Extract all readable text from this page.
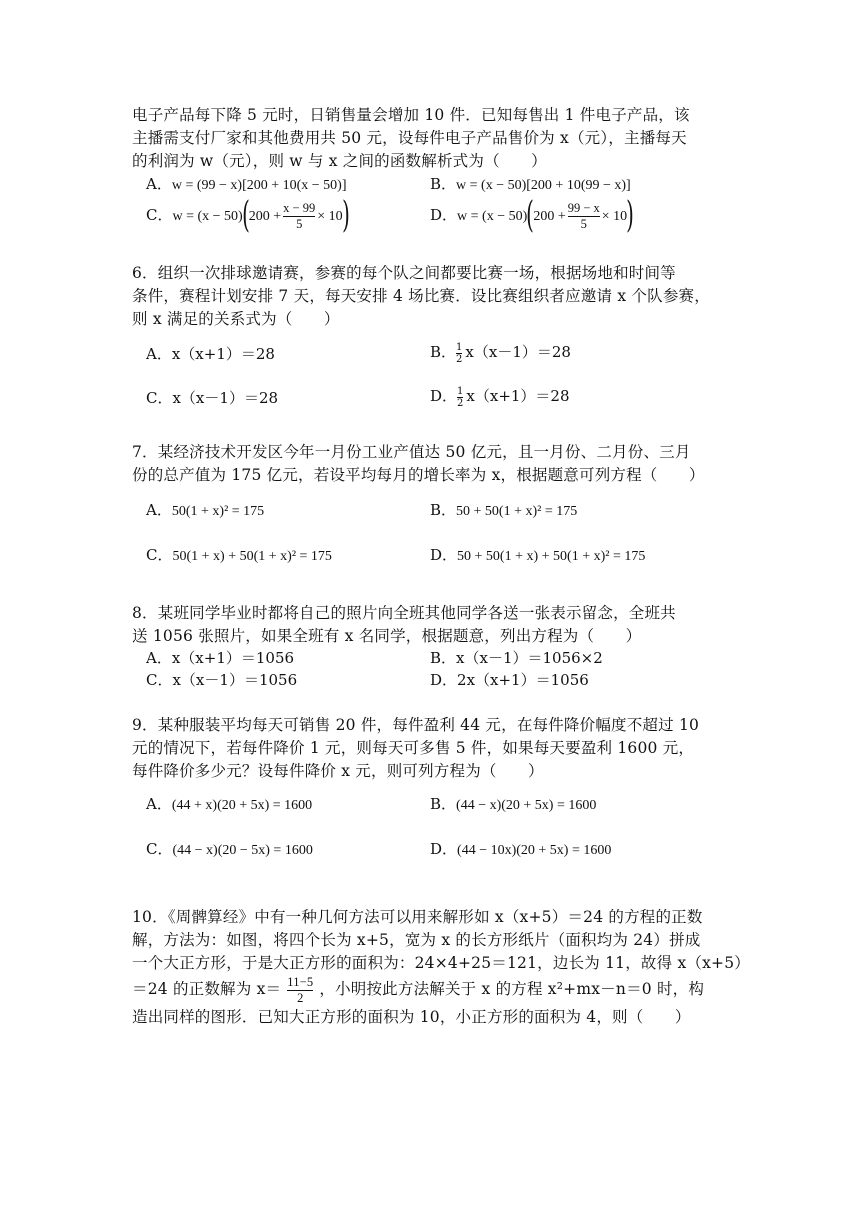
电子产品每下降 5 元时，日销售量会增加 10 件．已知每售出 1 件电子产品，该
主播需支付厂家和其他费用共 50 元，设每件电子产品售价为 x（元），主播每天
的利润为 w（元），则 w 与 x 之间的函数解析式为（　　）
A．w = (99 − x)[200 + 10(x − 50)]	B．w = (x − 50)[200 + 10(99 − x)]
C．$w = (x - 50)(200 + \frac{x - 99}{5} \times 10)$	D．$w = (x - 50)(200 + \frac{99 - x}{5} \times 10)$
6．组织一次排球邀请赛，参赛的每个队之间都要比赛一场，根据场地和时间等
条件，赛程计划安排 7 天，每天安排 4 场比赛．设比赛组织者应邀请 x 个队参赛，
则 x 满足的关系式为（　　）
A．x（x+1）＝28	B． $\frac{1}{2} x(x-1)=28$
C．x（x－1）＝28	D． $\frac{1}{2} x(x+1)=28$
7．某经济技术开发区今年一月份工业产值达 50 亿元，且一月份、二月份、三月
份的总产值为 175 亿元，若设平均每月的增长率为 x，根据题意可列方程（　　）
A．50(1 + x)² = 175	B．50 + 50(1 + x)² = 175
C．50(1 + x) + 50(1 + x)² = 175	D．50 + 50(1 + x) + 50(1 + x)² = 175
8．某班同学毕业时都将自己的照片向全班其他同学各送一张表示留念，全班共
送 1056 张照片，如果全班有 x 名同学，根据题意，列出方程为（　　）
A．x（x+1）＝1056	B．x（x－1）＝1056×2
C．x（x－1）＝1056	D．2x（x+1）＝1056
9．某种服装平均每天可销售 20 件，每件盈利 44 元，在每件降价幅度不超过 10
元的情况下，若每件降价 1 元，则每天可多售 5 件，如果每天要盈利 1600 元，
每件降价多少元？设每件降价 x 元，则可列方程为（　　）
A．(44 + x)(20 + 5x) = 1600	B．(44 − x)(20 + 5x) = 1600
C．(44 − x)(20 − 5x) = 1600	D．(44 − 10x)(20 + 5x) = 1600
10．《周髀算经》中有一种几何方法可以用来解形如 x（x+5）＝24 的方程的正数
解，方法为：如图，将四个长为 x+5，宽为 x 的长方形纸片（面积均为 24）拼成
一个大正方形，于是大正方形的面积为：24×4+25＝121，边长为 11，故得 x（x+5）
＝24 的正数解为 $x= \frac{11-5}{2}$ ，小明按此方法解关于 x 的方程 x²+mx－n＝0 时，构
造出同样的图形．已知大正方形的面积为 10，小正方形的面积为 4，则（　　）
